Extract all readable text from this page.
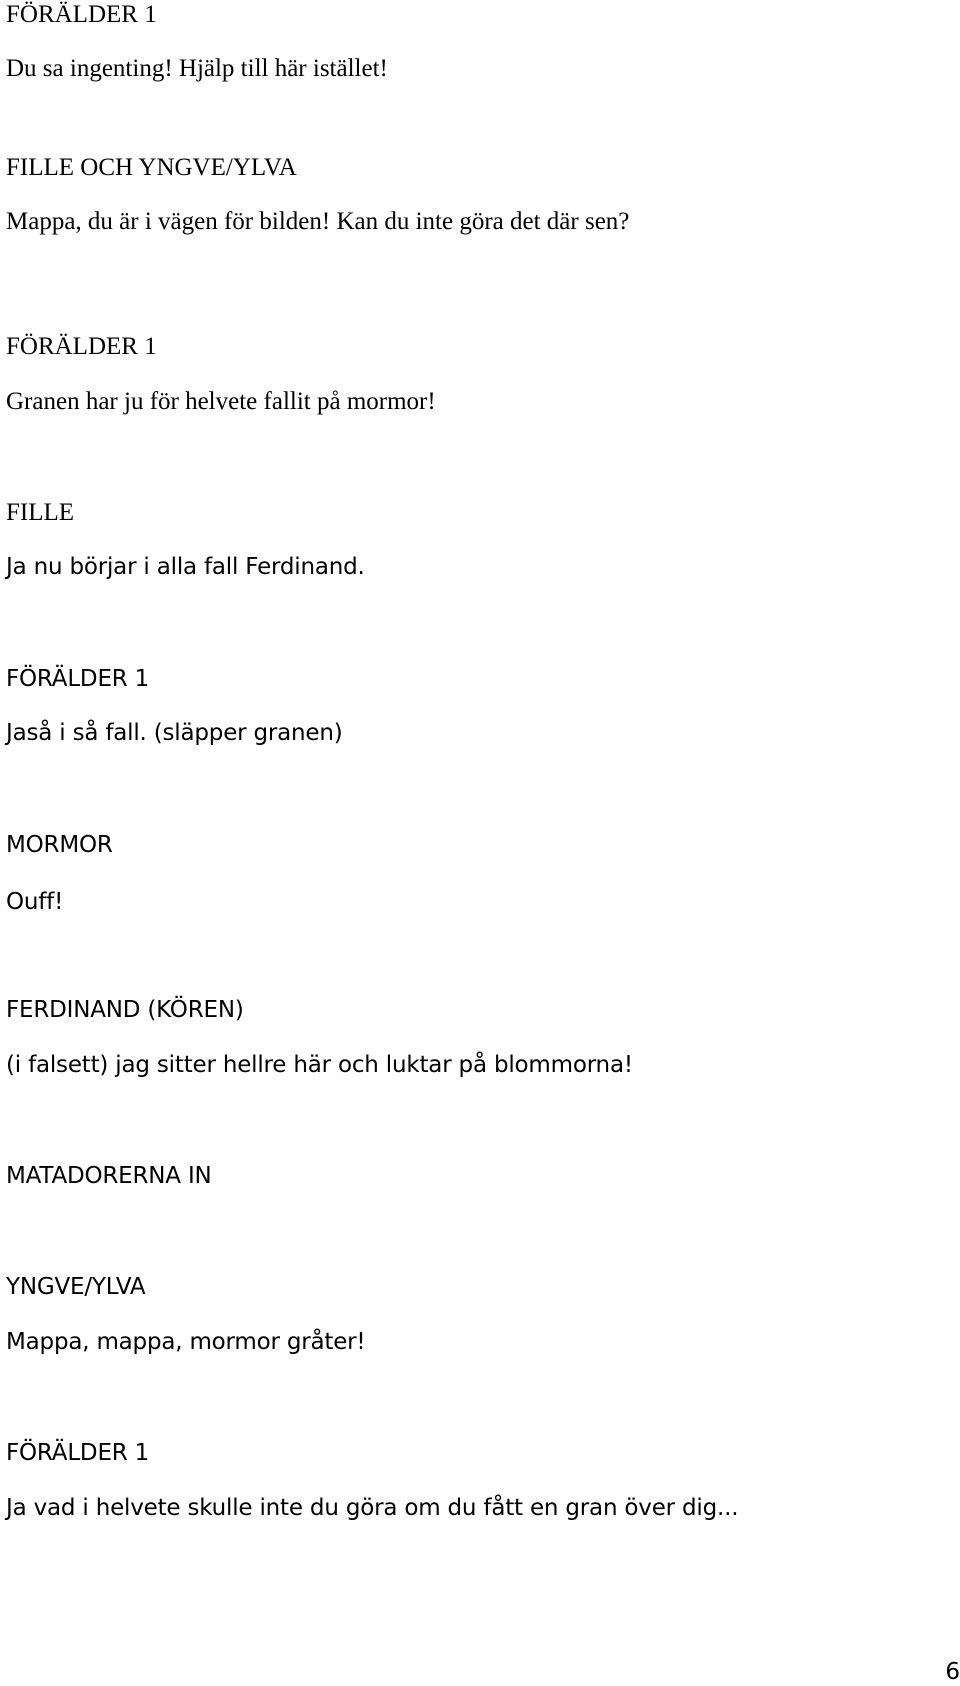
FÖRÄLDER 1

Du sa ingenting! Hjälp till här istället!

FILLE OCH YNGVE/YLVA

Mappa, du är i vägen för bilden! Kan du inte göra det där sen?

FÖRÄLDER 1

Granen har ju för helvete fallit på mormor!

FILLE

Ja nu börjar i alla fall Ferdinand.

FÖRÄLDER 1

Jaså i så fall. (släpper granen)

MORMOR

Ouff!

FERDINAND (KÖREN)

(i falsett) jag sitter hellre här och luktar på blommorna!

MATADORERNA IN

YNGVE/YLVA

Mappa, mappa, mormor gråter!

FÖRÄLDER 1

Ja vad i helvete skulle inte du göra om du fått en gran över dig...

6
